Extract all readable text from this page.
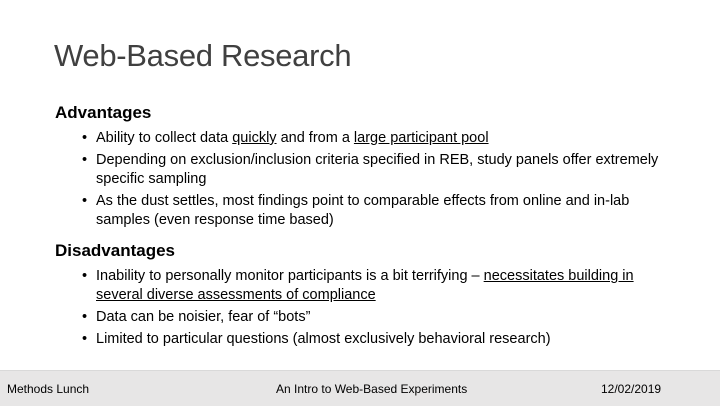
Web-Based Research
Advantages
• Ability to collect data quickly and from a large participant pool
• Depending on exclusion/inclusion criteria specified in REB, study panels offer extremely specific sampling
• As the dust settles, most findings point to comparable effects from online and in-lab samples (even response time based)
Disadvantages
• Inability to personally monitor participants is a bit terrifying – necessitates building in several diverse assessments of compliance
• Data can be noisier, fear of “bots”
• Limited to particular questions (almost exclusively behavioral research)
Methods Lunch	An Intro to Web-Based Experiments	12/02/2019
